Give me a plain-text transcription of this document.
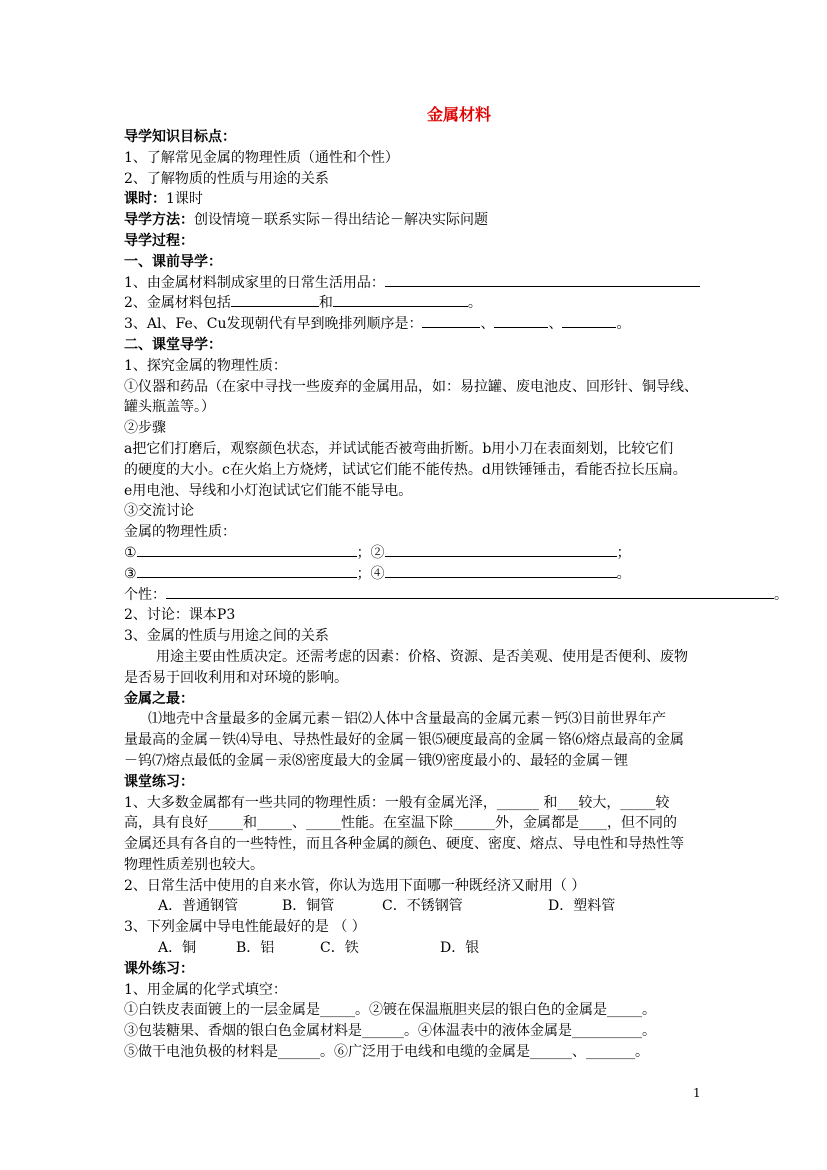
金属材料
导学知识目标点：
1、了解常见金属的物理性质（通性和个性）
2、了解物质的性质与用途的关系
课时：1课时
导学方法：创设情境－联系实际－得出结论－解决实际问题
导学过程：
一、课前导学：
1、由金属材料制成家里的日常生活用品：
2、金属材料包括	和	。
3、Al、Fe、Cu发现朝代有早到晚排列顺序是：	、	、	。
二、课堂导学：
1、探究金属的物理性质：
①仪器和药品（在家中寻找一些废弃的金属用品，如：易拉罐、废电池皮、回形针、铜导线、
罐头瓶盖等。）
②步骤
a把它们打磨后，观察颜色状态，并试试能否被弯曲折断。b用小刀在表面刻划，比较它们
的硬度的大小。c在火焰上方烧烤，试试它们能不能传热。d用铁锤锤击，看能否拉长压扁。
e用电池、导线和小灯泡试试它们能不能导电。
③交流讨论
金属的物理性质：
①	；②	；
③	；④	。
个性：	。
2、讨论：课本P3
3、金属的性质与用途之间的关系
用途主要由性质决定。还需考虑的因素：价格、资源、是否美观、使用是否便利、废物
是否易于回收利用和对环境的影响。
金属之最：
⑴地壳中含量最多的金属元素－铝⑵人体中含量最高的金属元素－钙⑶目前世界年产
量最高的金属－铁⑷导电、导热性最好的金属－银⑸硬度最高的金属－铬⑹熔点最高的金属
－钨⑺熔点最低的金属－汞⑻密度最大的金属－锇⑼密度最小的、最轻的金属－锂
课堂练习：
1、大多数金属都有一些共同的物理性质：一般有金属光泽，______ 和___较大，_____较
高，具有良好_____和_____、_____性能。在室温下除______外，金属都是____，但不同的
金属还具有各自的一些特性，而且各种金属的颜色、硬度、密度、熔点、导电性和导热性等
物理性质差别也较大。
2、日常生活中使用的自来水管，你认为选用下面哪一种既经济又耐用（ ）
A．普通钢管	B．铜管	C．不锈钢管	D．塑料管
3、下列金属中导电性能最好的是 （ ）
A．铜	B．铝	C．铁	D．银
课外练习：
1、用金属的化学式填空：
①白铁皮表面镀上的一层金属是_____。②镀在保温瓶胆夹层的银白色的金属是_____。
③包装糖果、香烟的银白色金属材料是______。④体温表中的液体金属是__________。
⑤做干电池负极的材料是______。⑥广泛用于电线和电缆的金属是______、_______。
1
